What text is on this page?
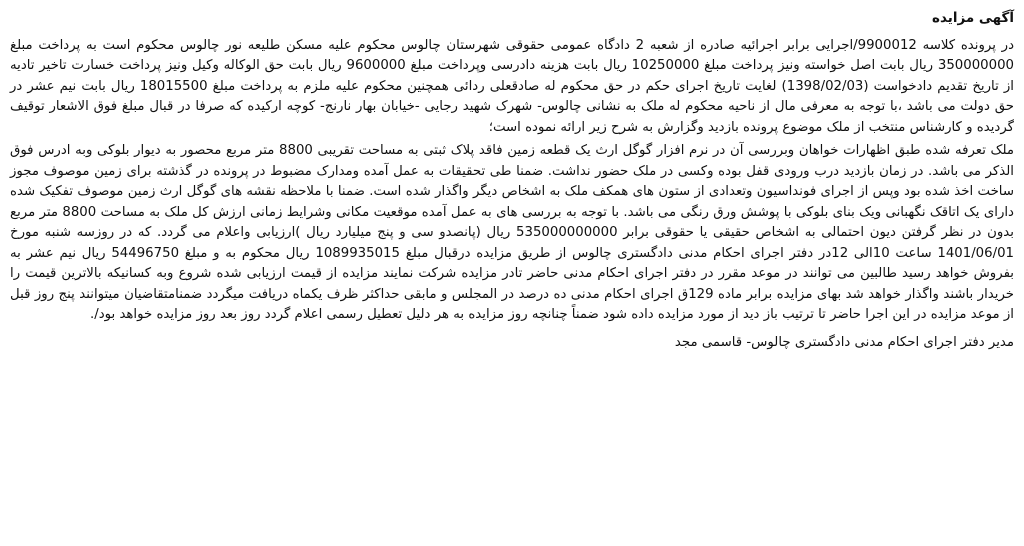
آگهی مزایده

در پرونده کلاسه 9900012/اجرایی برابر اجرائیه صادره از شعبه 2 دادگاه عمومی حقوقی شهرستان چالوس محکوم علیه مسکن طلیعه نور چالوس محکوم است به پرداخت مبلغ 350000000 ریال بابت اصل خواسته ونیز پرداخت مبلغ 10250000 ریال بابت هزینه دادرسی وپرداخت مبلغ 9600000 ریال بابت حق الوکاله وکیل ونیز پرداخت خسارت تاخیر تادیه از تاریخ تقدیم دادخواست (1398/02/03) لغایت تاریخ اجرای حکم در حق محکوم له صادقعلی ردائی همچنین محکوم علیه ملزم به پرداخت مبلغ 18015500 ریال بابت نیم عشر در حق دولت می باشد ،با توجه به معرفی مال از ناحیه محکوم له ملک به نشانی چالوس- شهرک شهید رجایی -خیابان بهار نارنج- کوچه ارکیده که صرفا در قبال مبلغ فوق الاشعار توقیف گردیده و کارشناس منتخب از ملک موضوع پرونده بازدید وگزارش به شرح زیر ارائه نموده است؛

ملک تعرفه شده طبق اظهارات خواهان وبررسی آن در نرم افزار گوگل ارث یک قطعه زمین فاقد پلاک ثبتی به مساحت تقریبی 8800 متر مربع محصور به دیوار بلوکی وبه ادرس فوق الذکر می باشد. در زمان بازدید درب ورودی قفل بوده وکسی در ملک حضور نداشت. ضمنا طی تحقیقات به عمل آمده ومدارک مضبوط در پرونده در گذشته برای زمین موصوف مجوز ساخت اخذ شده بود وپس از اجرای فونداسیون وتعدادی از ستون های همکف ملک به اشخاص دیگر واگذار شده است. ضمنا با ملاحظه نقشه های گوگل ارث زمین موصوف تفکیک شده دارای یک اتاقک نگهبانی ویک بنای بلوکی با پوشش ورق رنگی می باشد. با توجه به بررسی های به عمل آمده موقعیت مکانی وشرایط زمانی ارزش کل ملک به مساحت 8800 متر مربع بدون در نظر گرفتن دیون احتمالی به اشخاص حقیقی یا حقوقی برابر 535000000000 ریال (پانصدو سی و پنج میلیارد ریال )ارزیابی واعلام می گردد. که در روزسه شنبه مورخ 1401/06/01 ساعت 10الی 12در دفتر اجرای احکام مدنی دادگستری چالوس از طریق مزایده درقبال مبلغ 1089935015 ریال محکوم به و مبلغ 54496750 ریال نیم عشر به بفروش خواهد رسید طالبین می توانند در موعد مقرر در دفتر اجرای احکام مدنی حاضر تادر مزایده شرکت نمایند مزایده از قیمت ارزیابی شده شروع وبه کسانیکه بالاترین قیمت را خریدار باشند واگذار خواهد شد بهای مزایده برابر ماده 129ق اجرای احکام مدنی ده درصد در المجلس و مابقی حداکثر ظرف یکماه دریافت میگردد ضمنامتقاضیان میتوانند پنج روز قبل از موعد مزایده در این اجرا حاضر تا ترتیب باز دید از مورد مزایده داده شود ضمناً چنانچه روز مزایده به هر دلیل تعطیل رسمی اعلام گردد روز بعد روز مزایده خواهد بود/.

مدیر دفتر اجرای احکام مدنی دادگستری چالوس- قاسمی مجد
